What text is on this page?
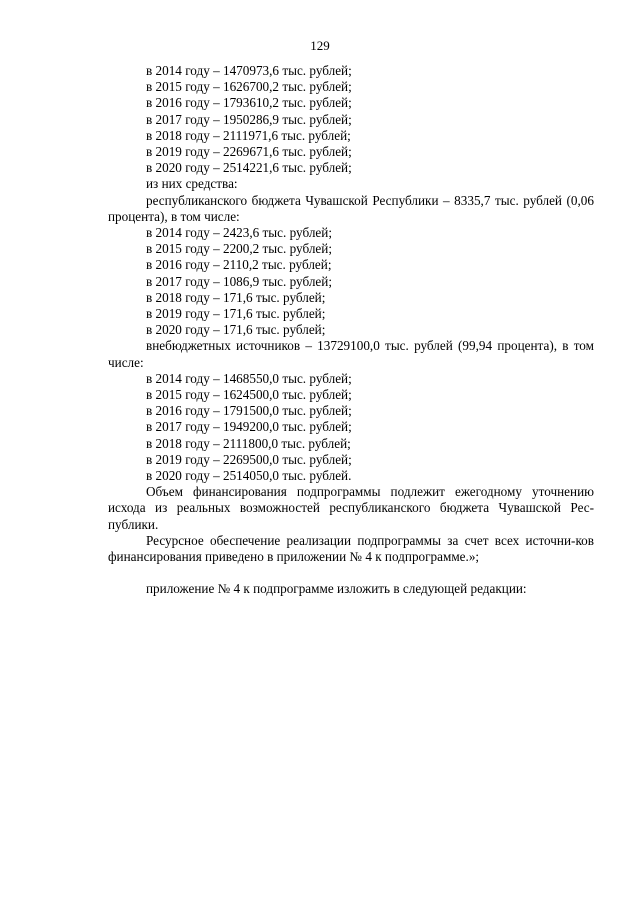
129
в 2014 году – 1470973,6 тыс. рублей;
в 2015 году – 1626700,2 тыс. рублей;
в 2016 году – 1793610,2 тыс. рублей;
в 2017 году – 1950286,9 тыс. рублей;
в 2018 году – 2111971,6 тыс. рублей;
в 2019 году – 2269671,6 тыс. рублей;
в 2020 году – 2514221,6 тыс. рублей;
из них средства:

республиканского бюджета Чувашской Республики – 8335,7 тыс. рублей (0,06 процента), в том числе:

в 2014 году – 2423,6 тыс. рублей;
в 2015 году – 2200,2 тыс. рублей;
в 2016 году – 2110,2 тыс. рублей;
в 2017 году – 1086,9 тыс. рублей;
в 2018 году – 171,6 тыс. рублей;
в 2019 году – 171,6 тыс. рублей;
в 2020 году – 171,6 тыс. рублей;

внебюджетных источников – 13729100,0 тыс. рублей (99,94 процента), в том числе:

в 2014 году – 1468550,0 тыс. рублей;
в 2015 году – 1624500,0 тыс. рублей;
в 2016 году – 1791500,0 тыс. рублей;
в 2017 году – 1949200,0 тыс. рублей;
в 2018 году – 2111800,0 тыс. рублей;
в 2019 году – 2269500,0 тыс. рублей;
в 2020 году – 2514050,0 тыс. рублей.

Объем финансирования подпрограммы подлежит ежегодному уточнению исхода из реальных возможностей республиканского бюджета Чувашской Рес-публики.

Ресурсное обеспечение реализации подпрограммы за счет всех источни-ков финансирования приведено в приложении № 4 к подпрограмме.»;

приложение № 4 к подпрограмме изложить в следующей редакции:
